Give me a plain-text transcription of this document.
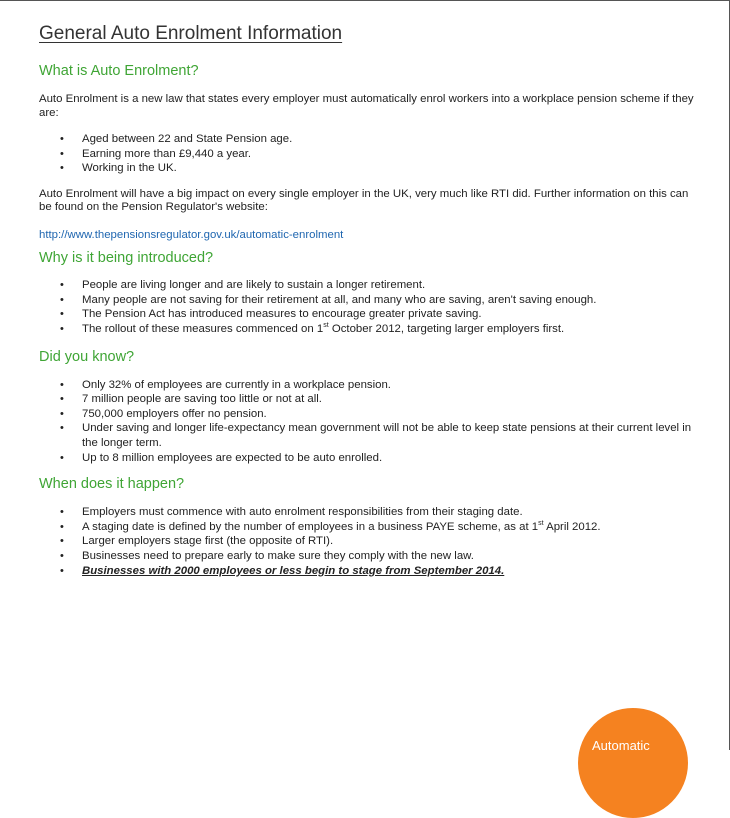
General Auto Enrolment Information
What is Auto Enrolment?

Auto Enrolment is a new law that states every employer must automatically enrol workers into a workplace pension scheme if they are:

• Aged between 22 and State Pension age.
• Earning more than £9,440 a year.
• Working in the UK.

Auto Enrolment will have a big impact on every single employer in the UK, very much like RTI did. Further information on this can be found on the Pension Regulator's website:

http://www.thepensionsregulator.gov.uk/automatic-enrolment

Why is it being introduced?
• People are living longer and are likely to sustain a longer retirement.
• Many people are not saving for their retirement at all, and many who are saving, aren't saving enough.
• The Pension Act has introduced measures to encourage greater private saving.
• The rollout of these measures commenced on 1st October 2012, targeting larger employers first.
Did you know?
• Only 32% of employees are currently in a workplace pension.
• 7 million people are saving too little or not at all.
• 750,000 employers offer no pension.
• Under saving and longer life-expectancy mean government will not be able to keep state pensions at their current level in the longer term.
• Up to 8 million employees are expected to be auto enrolled.
When does it happen?
• Employers must commence with auto enrolment responsibilities from their staging date.
• A staging date is defined by the number of employees in a business PAYE scheme, as at 1st April 2012.
• Larger employers stage first (the opposite of RTI).
• Businesses need to prepare early to make sure they comply with the new law.
• Businesses with 2000 employees or less begin to stage from September 2014.
Automatic
